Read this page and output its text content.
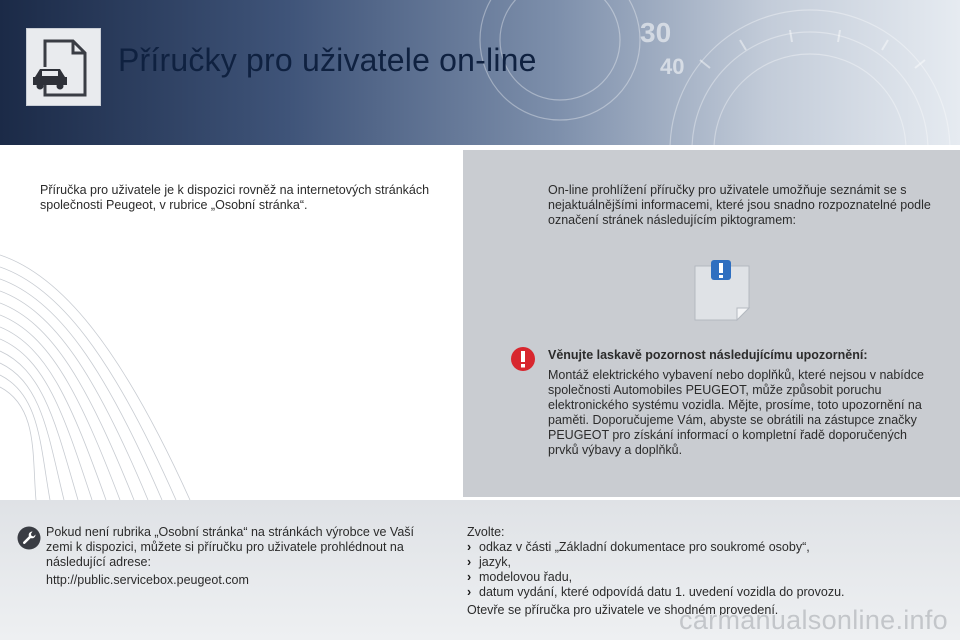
30
40
Příručky pro uživatele on-line

Příručka pro uživatele je k dispozici rovněž na internetových stránkách společnosti Peugeot, v rubrice „Osobní stránka“.

On-line prohlížení příručky pro uživatele umožňuje seznámit se s nejaktuálnějšími informacemi, které jsou snadno rozpoznatelné podle označení stránek následujícím piktogramem:

Věnujte laskavě pozornost následujícímu upozornění:

Montáž elektrického vybavení nebo doplňků, které nejsou v nabídce společnosti Automobiles PEUGEOT, může způsobit poruchu elektronického systému vozidla. Mějte, prosíme, toto upozornění na paměti. Doporučujeme Vám, abyste se obrátili na zástupce značky PEUGEOT pro získání informací o kompletní řadě doporučených prvků výbavy a doplňků.

Pokud není rubrika „Osobní stránka“ na stránkách výrobce ve Vaší zemi k dispozici, můžete si příručku pro uživatele prohlédnout na následující adrese:

http://public.servicebox.peugeot.com

Zvolte:

› odkaz v části „Základní dokumentace pro soukromé osoby“,
› jazyk,
› modelovou řadu,
› datum vydání, které odpovídá datu 1. uvedení vozidla do provozu.

Otevře se příručka pro uživatele ve shodném provedení.

carmanualsonline.info
